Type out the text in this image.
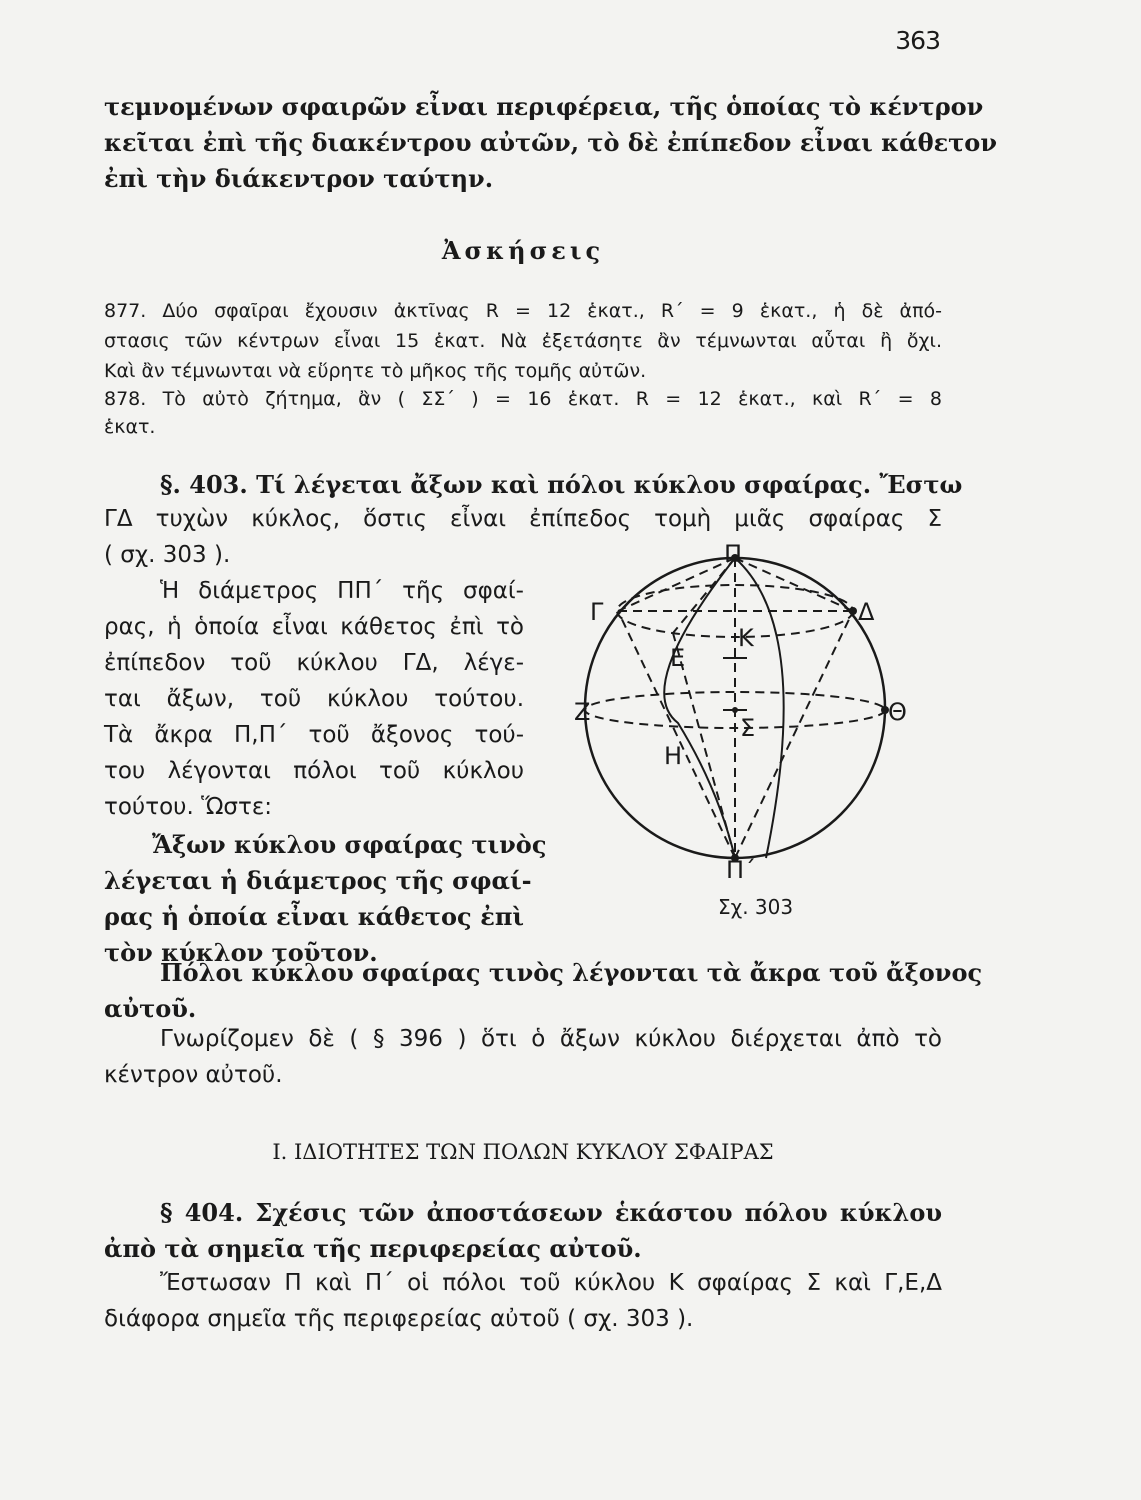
363
τεμνομένων σφαιρῶν εἶναι περιφέρεια, τῆς ὁποίας τὸ κέντρον
κεῖται ἐπὶ τῆς διακέντρου αὐτῶν, τὸ δὲ ἐπίπεδον εἶναι κάθετον
ἐπὶ τὴν διάκεντρον ταύτην.
Ἀσκήσεις
877. Δύο σφαῖραι ἔχουσιν ἀκτῖνας R = 12 ἑκατ., R΄ = 9 ἑκατ., ἡ δὲ ἀπό-
στασις τῶν κέντρων εἶναι 15 ἑκατ. Νὰ ἐξετάσητε ἂν τέμνωνται αὗται ἢ ὄχι.
Καὶ ἂν τέμνωνται νὰ εὕρητε τὸ μῆκος τῆς τομῆς αὐτῶν.
878. Τὸ αὐτὸ ζήτημα, ἂν ( ΣΣ΄ ) = 16 ἑκατ. R = 12 ἑκατ., καὶ R΄ = 8
ἑκατ.
§. 403. Τί λέγεται ἄξων καὶ πόλοι κύκλου σφαίρας. Ἔστω
ΓΔ τυχὼν κύκλος, ὅστις εἶναι ἐπίπεδος τομὴ μιᾶς σφαίρας Σ
( σχ. 303 ).
Ἡ διάμετρος ΠΠ΄ τῆς σφαί-
ρας, ἡ ὁποία εἶναι κάθετος ἐπὶ τὸ
ἐπίπεδον τοῦ κύκλου ΓΔ, λέγε-
ται ἄξων, τοῦ κύκλου τούτου.
Τὰ ἄκρα Π,Π΄ τοῦ ἄξονος τού-
του λέγονται πόλοι τοῦ κύκλου
τούτου. Ὥστε:
Ἄξων κύκλου σφαίρας τινὸς
λέγεται ἡ διάμετρος τῆς σφαί-
ρας ἡ ὁποία εἶναι κάθετος ἐπὶ
τὸν κύκλον τοῦτον.
Π
Π΄
Γ	Δ
Κ
Ε
Ζ	Θ
Σ
Η
Σχ. 303
Πόλοι κύκλου σφαίρας τινὸς λέγονται τὰ ἄκρα τοῦ ἄξονος
αὐτοῦ.
Γνωρίζομεν δὲ ( § 396 ) ὅτι ὁ ἄξων κύκλου διέρχεται ἀπὸ τὸ
κέντρον αὐτοῦ.
I. ΙΔΙΟΤΗΤΕΣ ΤΩΝ ΠΟΛΩΝ ΚΥΚΛΟΥ ΣΦΑΙΡΑΣ
§ 404. Σχέσις τῶν ἀποστάσεων ἑκάστου πόλου κύκλου
ἀπὸ τὰ σημεῖα τῆς περιφερείας αὐτοῦ.
Ἔστωσαν Π καὶ Π΄ οἱ πόλοι τοῦ κύκλου Κ σφαίρας Σ καὶ Γ,Ε,Δ
διάφορα σημεῖα τῆς περιφερείας αὐτοῦ ( σχ. 303 ).
